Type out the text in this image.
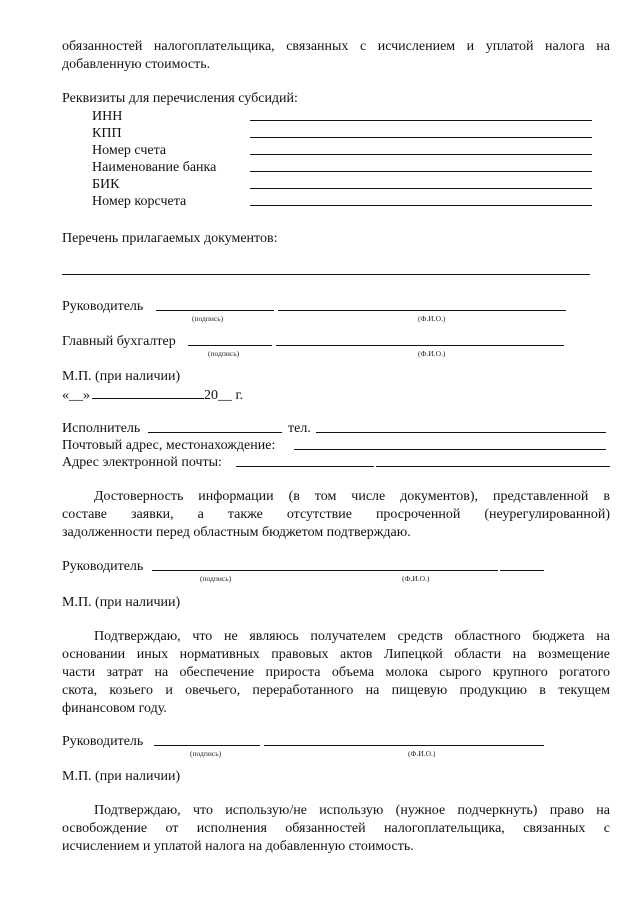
обязанностей налогоплательщика, связанных с исчислением и уплатой налога на
добавленную стоимость.
Реквизиты для перечисления субсидий:
ИНН
КПП
Номер счета
Наименование банка
БИК
Номер корсчета
Перечень прилагаемых документов:
Руководитель
(подпись)	(Ф.И.О.)
Главный бухгалтер
(подпись)	(Ф.И.О.)
М.П. (при наличии)
«__»	20__ г.
Исполнитель	тел.
Почтовый адрес, местонахождение:
Адрес электронной почты:
Достоверность информации (в том числе документов), представленной в
составе заявки, а также отсутствие просроченной (неурегулированной)
задолженности перед областным бюджетом подтверждаю.
Руководитель
(подпись)	(Ф.И.О.)
М.П. (при наличии)
Подтверждаю, что не являюсь получателем средств областного бюджета на
основании иных нормативных правовых актов Липецкой области на возмещение
части затрат на обеспечение прироста объема молока сырого крупного рогатого
скота, козьего и овечьего, переработанного на пищевую продукцию в текущем
финансовом году.
Руководитель
(подпись)	(Ф.И.О.)
М.П. (при наличии)
Подтверждаю, что использую/не использую (нужное подчеркнуть) право на
освобождение от исполнения обязанностей налогоплательщика, связанных с
исчислением и уплатой налога на добавленную стоимость.
